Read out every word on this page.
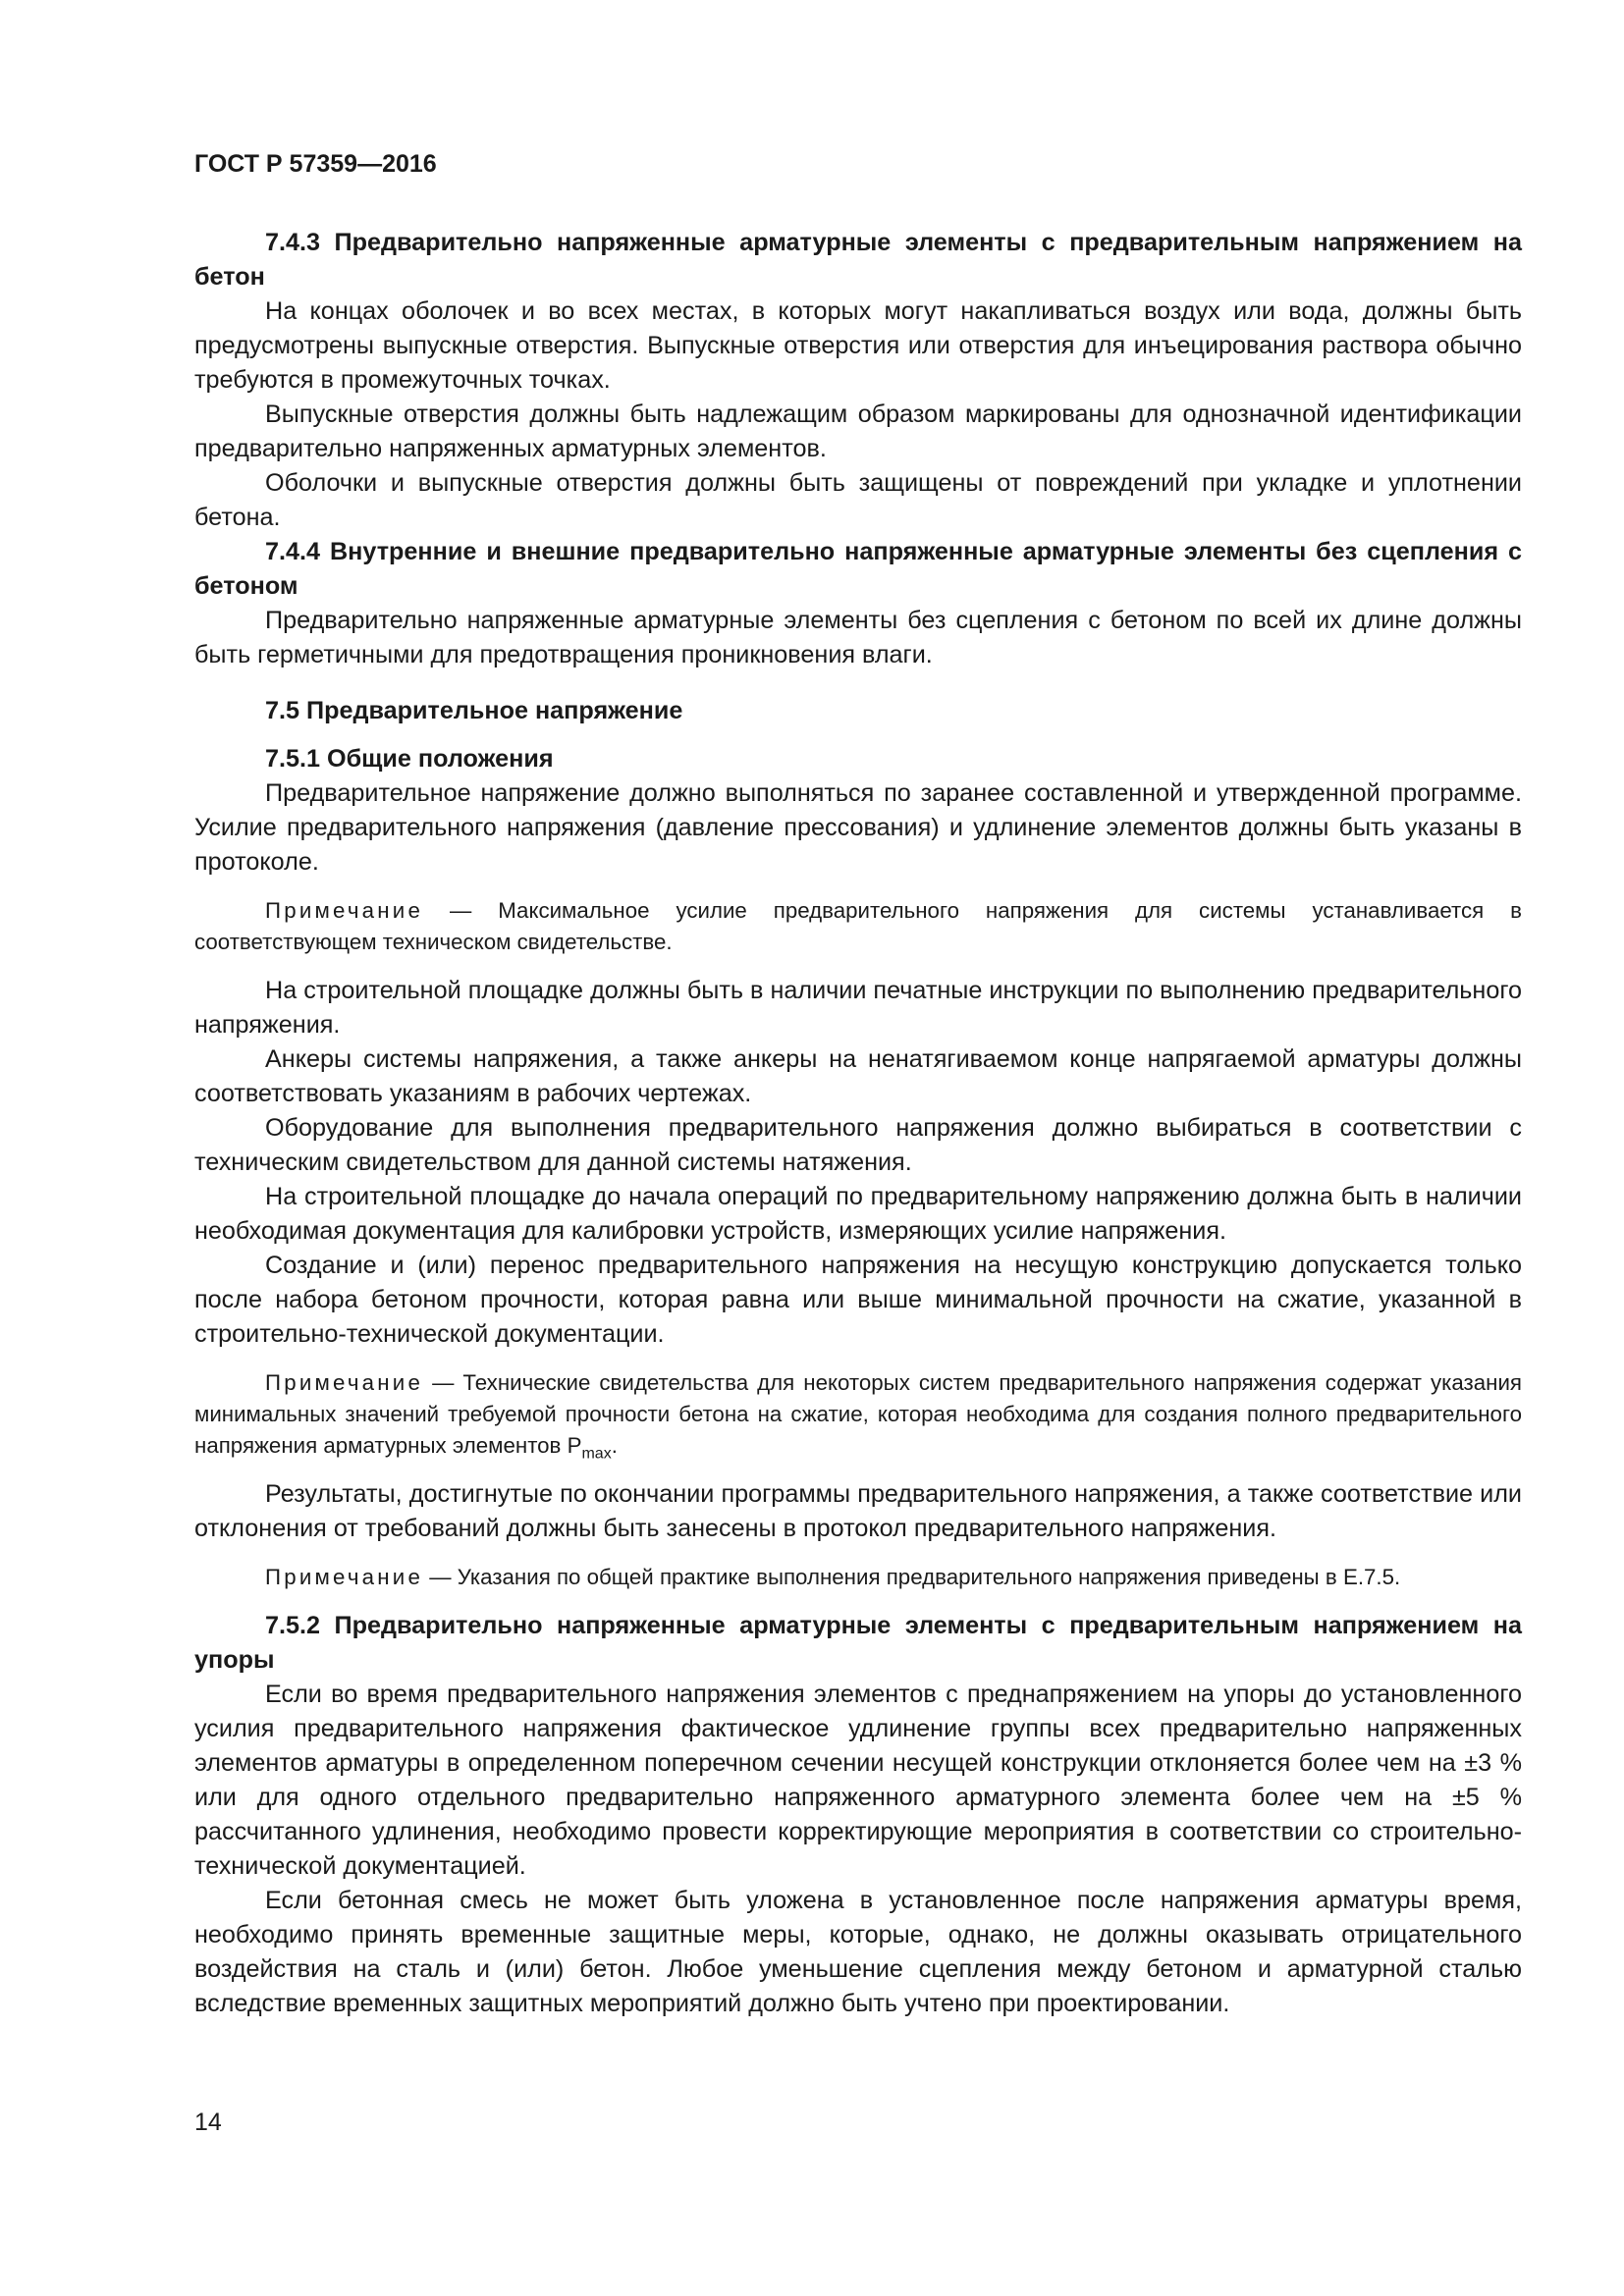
ГОСТ Р 57359—2016

7.4.3 Предварительно напряженные арматурные элементы с предварительным напряжением на бетон

На концах оболочек и во всех местах, в которых могут накапливаться воздух или вода, должны быть предусмотрены выпускные отверстия. Выпускные отверстия или отверстия для инъецирования раствора обычно требуются в промежуточных точках.

Выпускные отверстия должны быть надлежащим образом маркированы для однозначной идентификации предварительно напряженных арматурных элементов.

Оболочки и выпускные отверстия должны быть защищены от повреждений при укладке и уплотнении бетона.

7.4.4 Внутренние и внешние предварительно напряженные арматурные элементы без сцепления с бетоном

Предварительно напряженные арматурные элементы без сцепления с бетоном по всей их длине должны быть герметичными для предотвращения проникновения влаги.

7.5 Предварительное напряжение

7.5.1 Общие положения

Предварительное напряжение должно выполняться по заранее составленной и утвержденной программе. Усилие предварительного напряжения (давление прессования) и удлинение элементов должны быть указаны в протоколе.

Примечание — Максимальное усилие предварительного напряжения для системы устанавливается в соответствующем техническом свидетельстве.

На строительной площадке должны быть в наличии печатные инструкции по выполнению предварительного напряжения.

Анкеры системы напряжения, а также анкеры на ненатягиваемом конце напрягаемой арматуры должны соответствовать указаниям в рабочих чертежах.

Оборудование для выполнения предварительного напряжения должно выбираться в соответствии с техническим свидетельством для данной системы натяжения.

На строительной площадке до начала операций по предварительному напряжению должна быть в наличии необходимая документация для калибровки устройств, измеряющих усилие напряжения.

Создание и (или) перенос предварительного напряжения на несущую конструкцию допускается только после набора бетоном прочности, которая равна или выше минимальной прочности на сжатие, указанной в строительно-технической документации.

Примечание — Технические свидетельства для некоторых систем предварительного напряжения содержат указания минимальных значений требуемой прочности бетона на сжатие, которая необходима для создания полного предварительного напряжения арматурных элементов $P_{max}$.

Результаты, достигнутые по окончании программы предварительного напряжения, а также соответствие или отклонения от требований должны быть занесены в протокол предварительного напряжения.

Примечание — Указания по общей практике выполнения предварительного напряжения приведены в Е.7.5.

7.5.2 Предварительно напряженные арматурные элементы с предварительным напряжением на упоры

Если во время предварительного напряжения элементов с преднапряжением на упоры до установленного усилия предварительного напряжения фактическое удлинение группы всех предварительно напряженных элементов арматуры в определенном поперечном сечении несущей конструкции отклоняется более чем на ±3 % или для одного отдельного предварительно напряженного арматурного элемента более чем на ±5 % рассчитанного удлинения, необходимо провести корректирующие мероприятия в соответствии со строительно-технической документацией.

Если бетонная смесь не может быть уложена в установленное после напряжения арматуры время, необходимо принять временные защитные меры, которые, однако, не должны оказывать отрицательного воздействия на сталь и (или) бетон. Любое уменьшение сцепления между бетоном и арматурной сталью вследствие временных защитных мероприятий должно быть учтено при проектировании.

14
